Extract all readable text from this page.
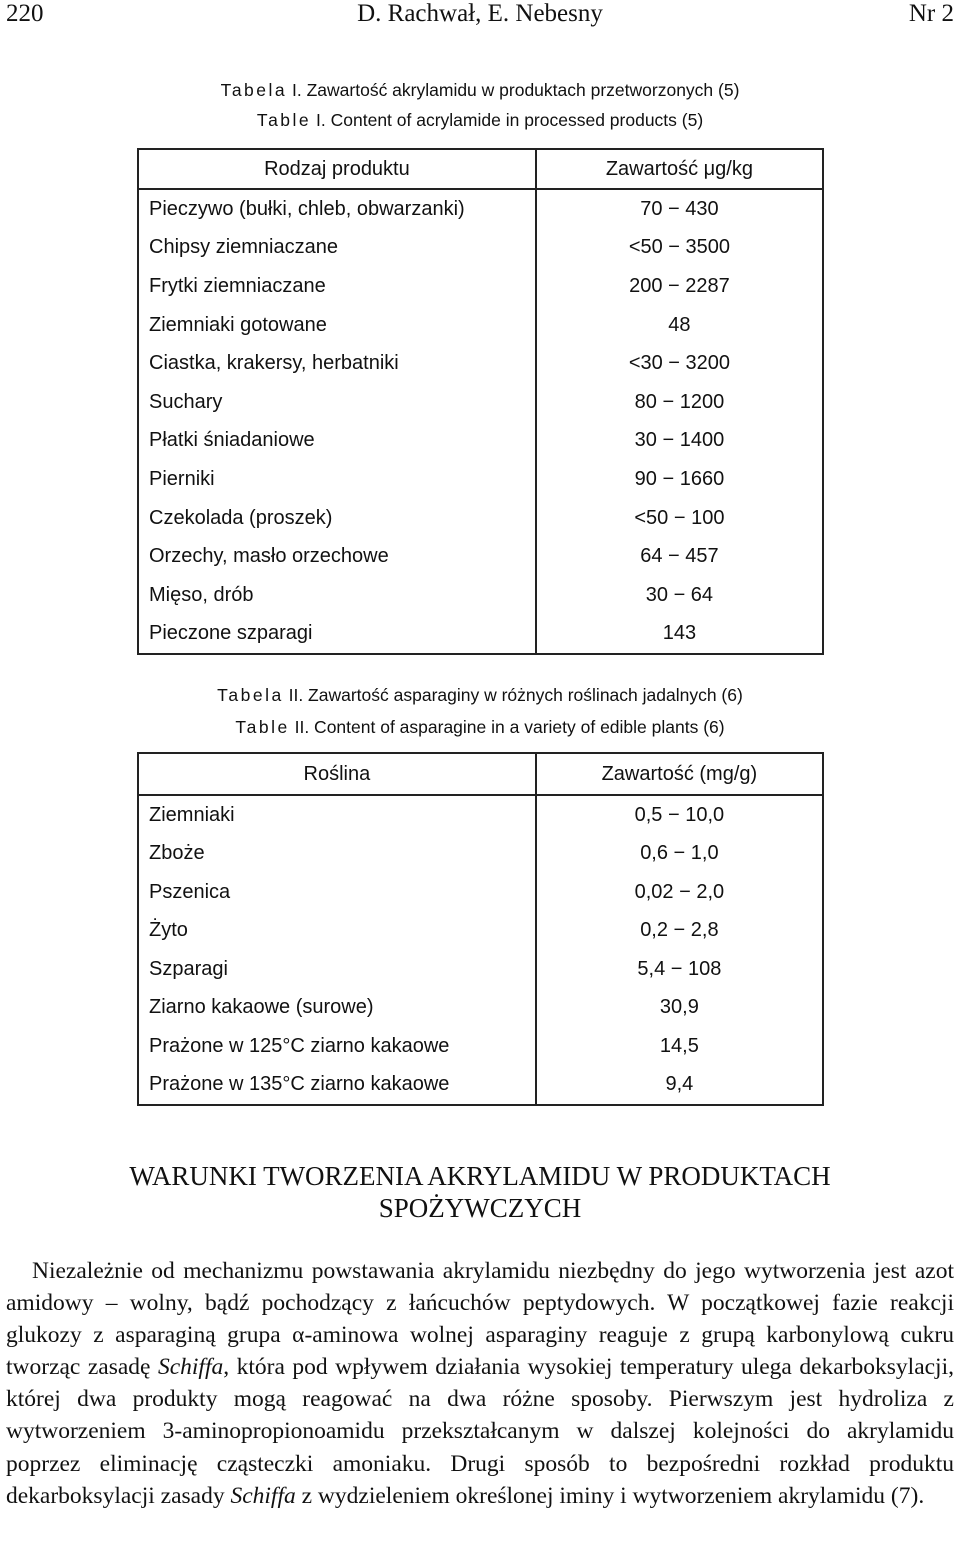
220	D. Rachwał, E. Nebesny	Nr 2
Tabela I. Zawartość akrylamidu w produktach przetworzonych (5)
Table I. Content of acrylamide in processed products (5)
Rodzaj produktu	Zawartość μg/kg
Pieczywo (bułki, chleb, obwarzanki)	70 − 430
Chipsy ziemniaczane	<50 − 3500
Frytki ziemniaczane	200 − 2287
Ziemniaki gotowane	48
Ciastka, krakersy, herbatniki	<30 − 3200
Suchary	80 − 1200
Płatki śniadaniowe	30 − 1400
Pierniki	90 − 1660
Czekolada (proszek)	<50 − 100
Orzechy, masło orzechowe	64 − 457
Mięso, drób	30 − 64
Pieczone szparagi	143
Tabela II. Zawartość asparaginy w różnych roślinach jadalnych (6)
Table II. Content of asparagine in a variety of edible plants (6)
Roślina	Zawartość (mg/g)
Ziemniaki	0,5 − 10,0
Zboże	0,6 − 1,0
Pszenica	0,02 − 2,0
Żyto	0,2 − 2,8
Szparagi	5,4 − 108
Ziarno kakaowe (surowe)	30,9
Prażone w 125°C ziarno kakaowe	14,5
Prażone w 135°C ziarno kakaowe	9,4
WARUNKI TWORZENIA AKRYLAMIDU W PRODUKTACH
SPOŻYWCZYCH
Niezależnie od mechanizmu powstawania akrylamidu niezbędny do jego wytworzenia jest azot amidowy – wolny, bądź pochodzący z łańcuchów peptydowych. W początkowej fazie reakcji glukozy z asparaginą grupa α-aminowa wolnej asparaginy reaguje z grupą karbonylową cukru tworząc zasadę Schiffa, która pod wpływem działania wysokiej temperatury ulega dekarboksylacji, której dwa produkty mogą reagować na dwa różne sposoby. Pierwszym jest hydroliza z wytworzeniem 3-aminopropionoamidu przekształcanym w dalszej kolejności do akrylamidu poprzez eliminację cząsteczki amoniaku. Drugi sposób to bezpośredni rozkład produktu dekarboksylacji zasady Schiffa z wydzieleniem określonej iminy i wytworzeniem akrylamidu (7).
